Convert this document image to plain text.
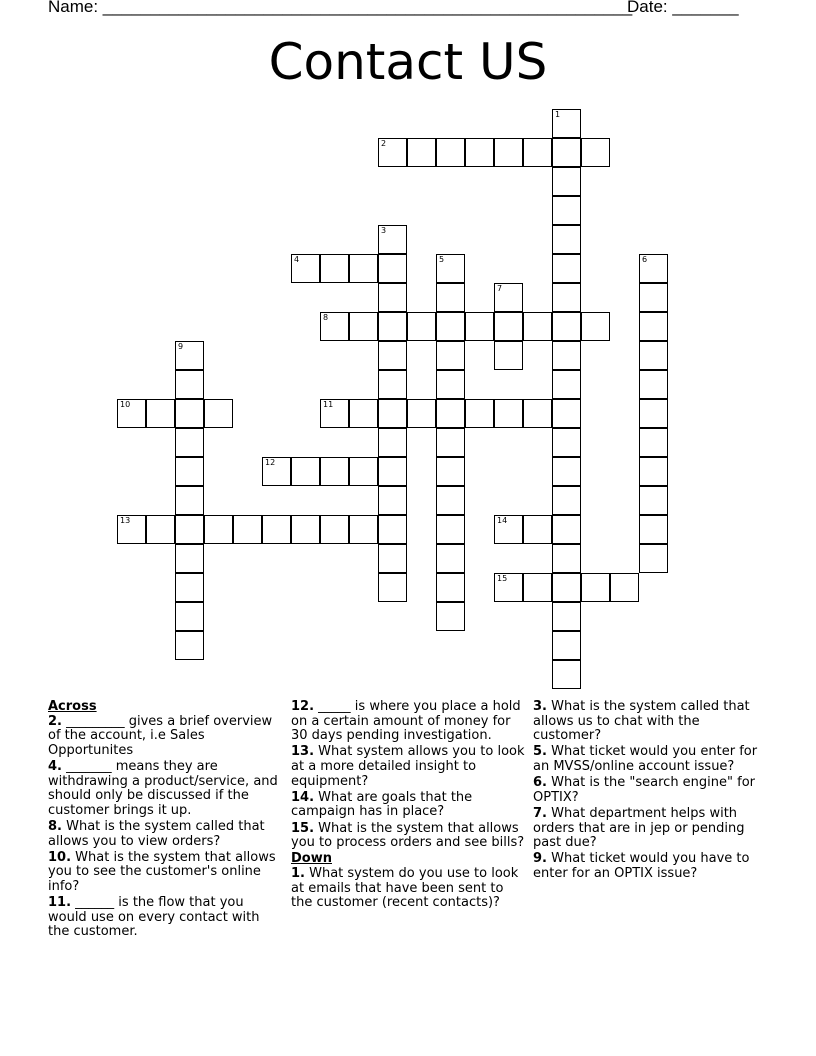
Name: ________________________________________________________
Date: _______
Contact US
1
2
3
4	5	6
7
8
9
10	11
12
13	14
15
Across
2. _________ gives a brief overview of the account, i.e Sales Opportunites
4. _______ means they are withdrawing a product/service, and should only be discussed if the customer brings it up.
8. What is the system called that allows you to view orders?
10. What is the system that allows you to see the customer's online info?
11. ______ is the flow that you would use on every contact with the customer.
12. _____ is where you place a hold on a certain amount of money for 30 days pending investigation.
13. What system allows you to look at a more detailed insight to equipment?
14. What are goals that the campaign has in place?
15. What is the system that allows you to process orders and see bills?
Down
1. What system do you use to look at emails that have been sent to the customer (recent contacts)?
3. What is the system called that allows us to chat with the customer?
5. What ticket would you enter for an MVSS/online account issue?
6. What is the "search engine" for OPTIX?
7. What department helps with orders that are in jep or pending past due?
9. What ticket would you have to enter for an OPTIX issue?
